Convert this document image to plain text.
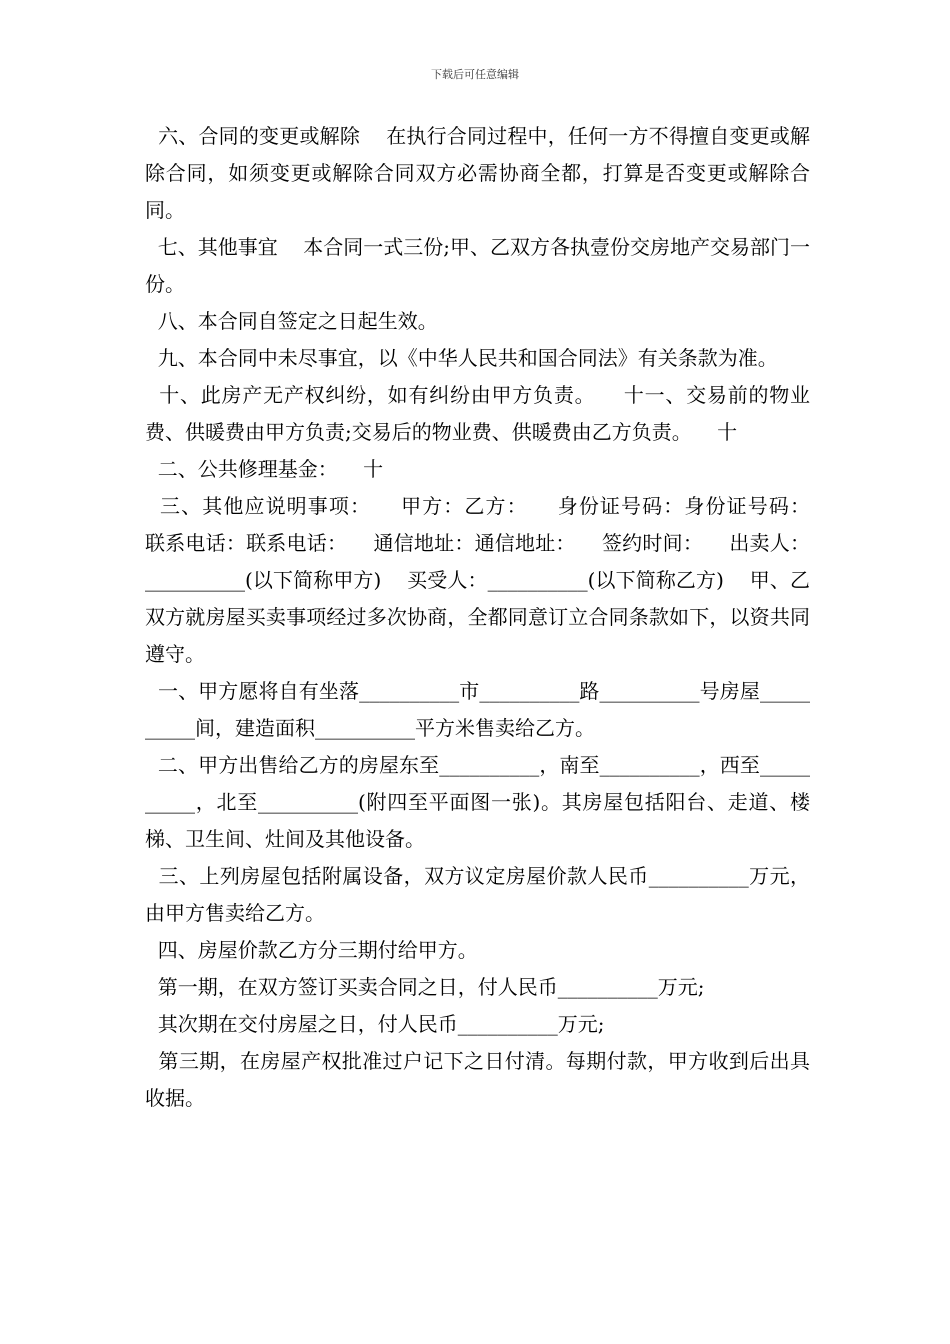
下载后可任意编辑

六、合同的变更或解除    在执行合同过程中，任何一方不得擅自变更或解除合同，如须变更或解除合同双方必需协商全都，打算是否变更或解除合同。

七、其他事宜    本合同一式三份;甲、乙双方各执壹份交房地产交易部门一份。

八、本合同自签定之日起生效。

九、本合同中未尽事宜，以《中华人民共和国合同法》有关条款为准。

十、此房产无产权纠纷，如有纠纷由甲方负责。    十一、交易前的物业费、供暖费由甲方负责;交易后的物业费、供暖费由乙方负责。    十

二、公共修理基金：    十

三、其他应说明事项：    甲方：乙方：    身份证号码：身份证号码：    联系电话：联系电话：    通信地址：通信地址：    签约时间：    出卖人：__________(以下简称甲方)    买受人：__________(以下简称乙方)    甲、乙双方就房屋买卖事项经过多次协商，全都同意订立合同条款如下，以资共同遵守。

一、甲方愿将自有坐落__________市__________路__________号房屋__________间，建造面积__________平方米售卖给乙方。

二、甲方出售给乙方的房屋东至__________，南至__________，西至__________，北至__________(附四至平面图一张)。其房屋包括阳台、走道、楼梯、卫生间、灶间及其他设备。

三、上列房屋包括附属设备，双方议定房屋价款人民币__________万元，由甲方售卖给乙方。

四、房屋价款乙方分三期付给甲方。

第一期，在双方签订买卖合同之日，付人民币__________万元;

其次期在交付房屋之日，付人民币__________万元;

第三期，在房屋产权批准过户记下之日付清。每期付款，甲方收到后出具收据。
